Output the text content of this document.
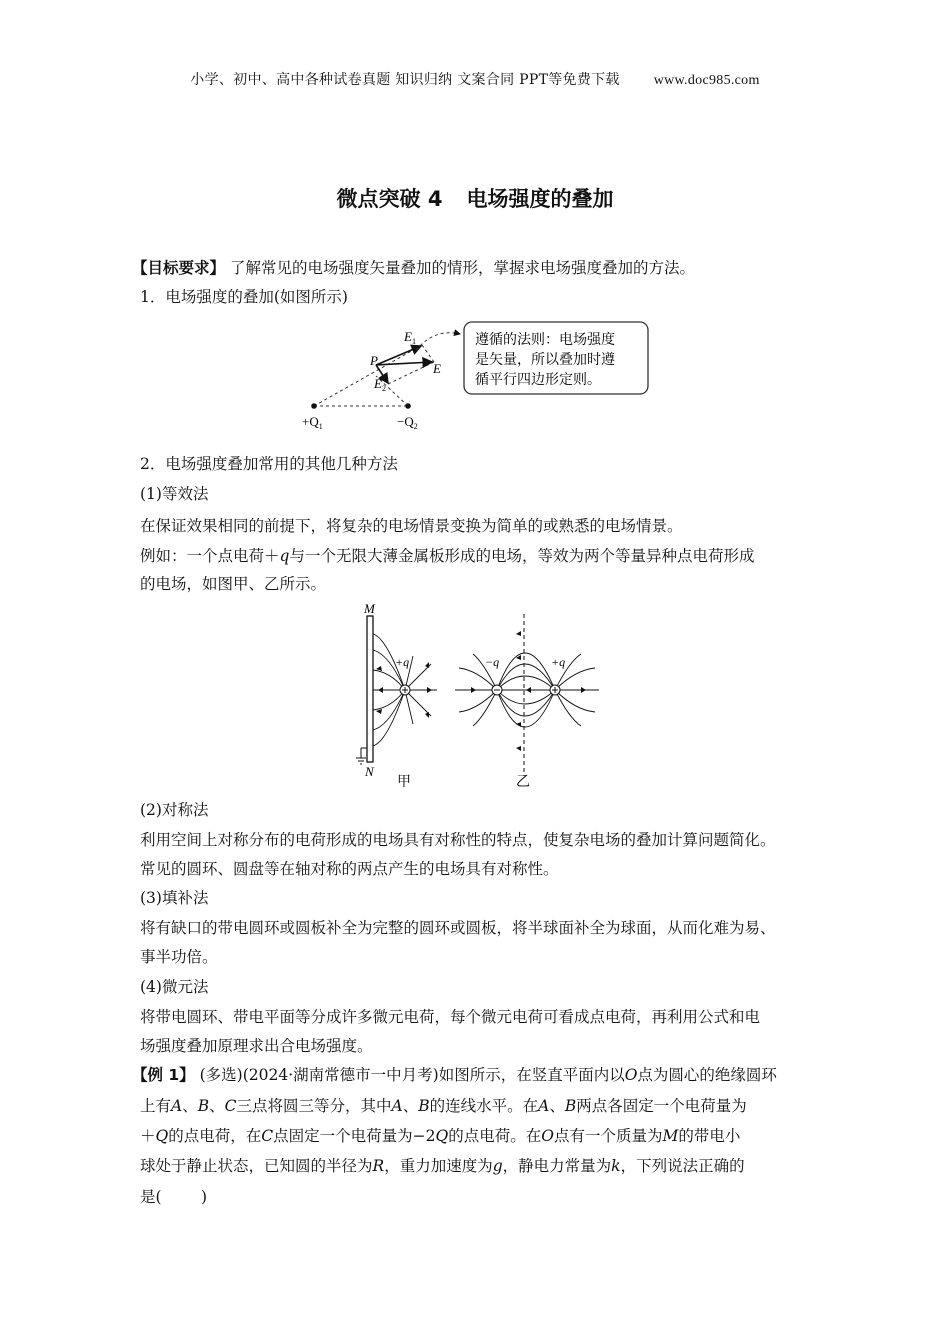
小学、初中、高中各种试卷真题 知识归纳 文案合同 PPT等免费下载 www.doc985.com
微点突破 4 电场强度的叠加
【目标要求】 了解常见的电场强度矢量叠加的情形，掌握求电场强度叠加的方法。
1．电场强度的叠加(如图所示)
$E_1$
P
$E_2$
E
$+Q_1$	$-Q_2$
遵循的法则：电场强度
是矢量，所以叠加时遵
循平行四边形定则。
2．电场强度叠加常用的其他几种方法
(1)等效法
在保证效果相同的前提下，将复杂的电场情景变换为简单的或熟悉的电场情景。
例如：一个点电荷＋q与一个无限大薄金属板形成的电场，等效为两个等量异种点电荷形成
的电场，如图甲、乙所示。
M
N
+q	−q	+q
甲	乙
(2)对称法
利用空间上对称分布的电荷形成的电场具有对称性的特点，使复杂电场的叠加计算问题简化。
常见的圆环、圆盘等在轴对称的两点产生的电场具有对称性。
(3)填补法
将有缺口的带电圆环或圆板补全为完整的圆环或圆板，将半球面补全为球面，从而化难为易、
事半功倍。
(4)微元法
将带电圆环、带电平面等分成许多微元电荷，每个微元电荷可看成点电荷，再利用公式和电
场强度叠加原理求出合电场强度。
【例 1】 (多选)(2024·湖南常德市一中月考)如图所示，在竖直平面内以O点为圆心的绝缘圆环
上有A、B、C三点将圆三等分，其中A、B的连线水平。在A、B两点各固定一个电荷量为
＋Q的点电荷，在C点固定一个电荷量为−2Q的点电荷。在O点有一个质量为M的带电小
球处于静止状态，已知圆的半径为R，重力加速度为g，静电力常量为k，下列说法正确的
是(        )
